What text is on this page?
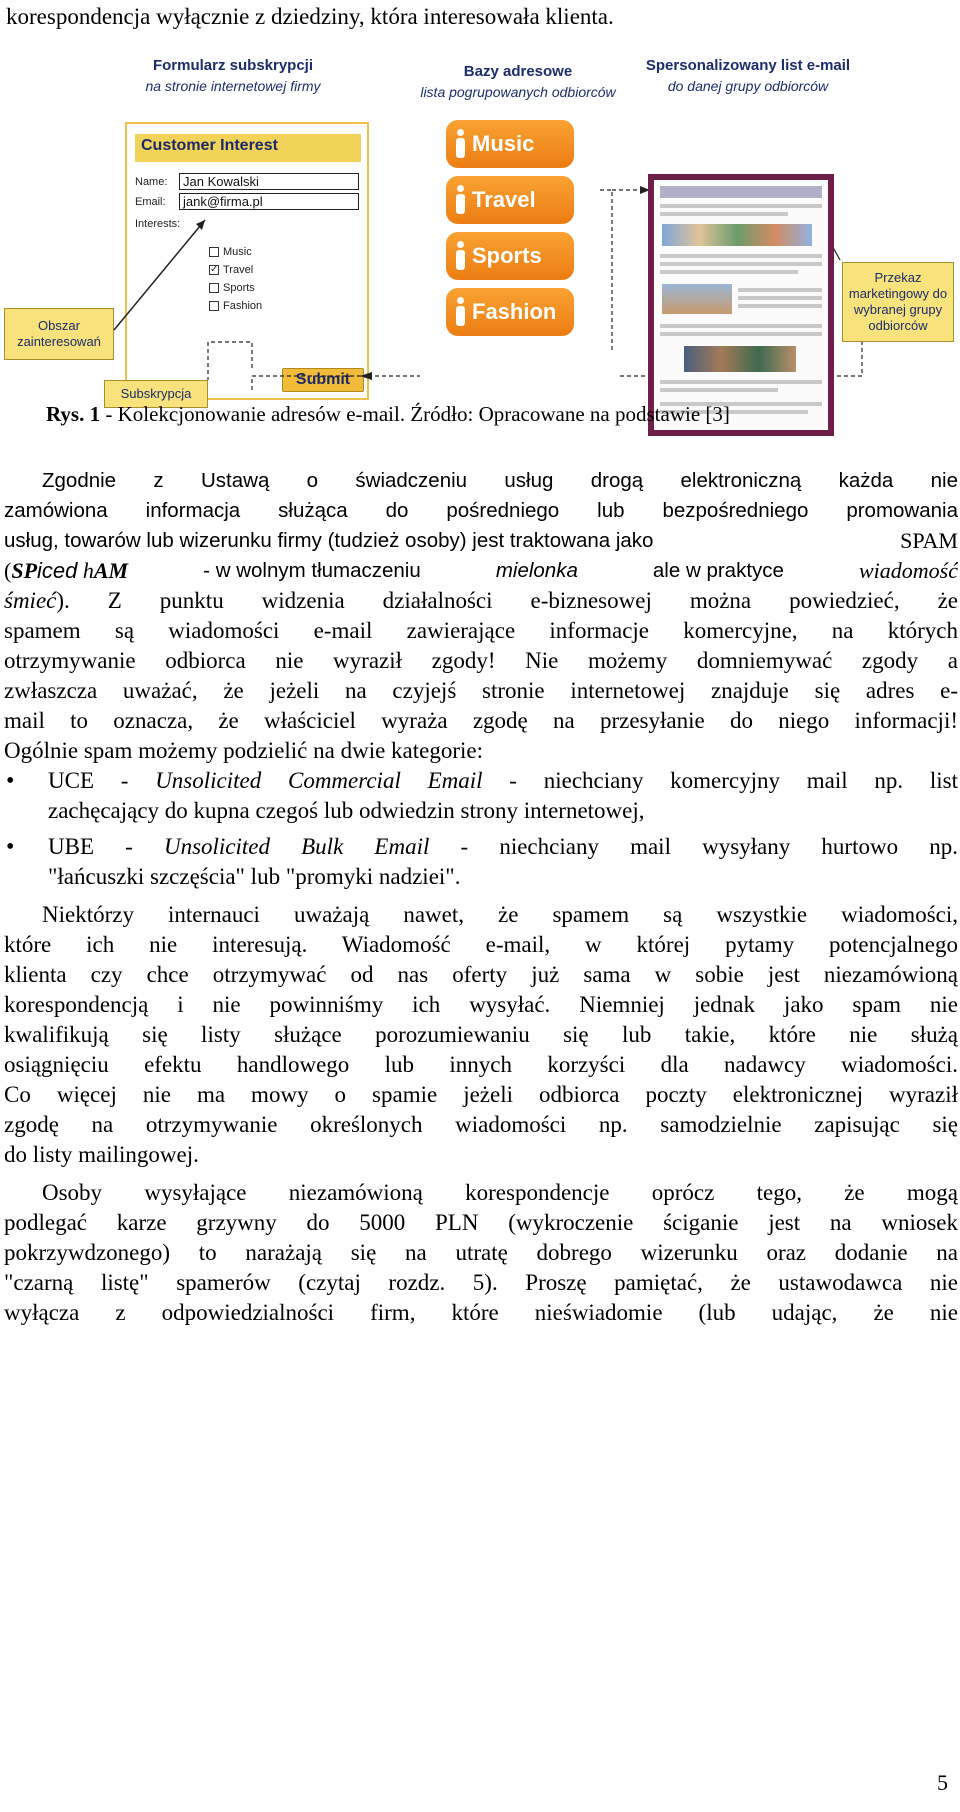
korespondencja wyłącznie z dziedziny, która interesowała klienta.
Formularz subskrypcji
na stronie internetowej firmy
Bazy adresowe
lista pogrupowanych odbiorców
Spersonalizowany list e-mail
do danej grupy odbiorców
Customer Interest
Name:	Jan Kowalski
Email:	jank@firma.pl
Interests:
Music
✓ Travel
Sports
Fashion
Submit
Obszar zainteresowań
Subskrypcja
Music
Travel
Sports
Fashion
Przekaz marketingowy do wybranej grupy odbiorców
Rys. 1 - Kolekcjonowanie adresów e-mail. Źródło: Opracowane na podstawie [3]
Zgodnie z Ustawą o świadczeniu usług drogą elektroniczną każda nie
zamówiona informacja służąca do pośredniego lub bezpośredniego promowania
usług, towarów lub wizerunku firmy (tudzież osoby) jest traktowana jako	SPAM
(SPiced hAM	- w wolnym tłumaczeniu	mielonka	ale w praktyce	wiadomość
śmieć ). Z punktu widzenia działalności e-biznesowej można powiedzieć, że
spamem są wiadomości e-mail zawierające informacje komercyjne, na których
otrzymywanie odbiorca nie wyraził zgody! Nie możemy domniemywać zgody a
zwłaszcza uważać, że jeżeli na czyjejś stronie internetowej znajduje się adres e-
mail to oznacza, że właściciel wyraża zgodę na przesyłanie do niego informacji!
Ogólnie spam możemy podzielić na dwie kategorie:
• UCE - Unsolicited Commercial Email - niechciany komercyjny mail np. list
zachęcający do kupna czegoś lub odwiedzin strony internetowej,
• UBE - Unsolicited Bulk Email - niechciany mail wysyłany hurtowo np.
"łańcuszki szczęścia" lub "promyki nadziei".
Niektórzy internauci uważają nawet, że spamem są wszystkie wiadomości,
które ich nie interesują. Wiadomość e-mail, w której pytamy potencjalnego
klienta czy chce otrzymywać od nas oferty już sama w sobie jest niezamówioną
korespondencją i nie powinniśmy ich wysyłać. Niemniej jednak jako spam nie
kwalifikują się listy służące porozumiewaniu się lub takie, które nie służą
osiągnięciu efektu handlowego lub innych korzyści dla nadawcy wiadomości.
Co więcej nie ma mowy o spamie jeżeli odbiorca poczty elektronicznej wyraził
zgodę na otrzymywanie określonych wiadomości np. samodzielnie zapisując się
do listy mailingowej.
Osoby wysyłające niezamówioną korespondencje oprócz tego, że mogą
podlegać karze grzywny do 5000 PLN (wykroczenie ściganie jest na wniosek
pokrzywdzonego) to narażają się na utratę dobrego wizerunku oraz dodanie na
"czarną listę" spamerów (czytaj rozdz. 5). Proszę pamiętać, że ustawodawca nie
wyłącza z odpowiedzialności firm, które nieświadomie (lub udając, że nie
5
